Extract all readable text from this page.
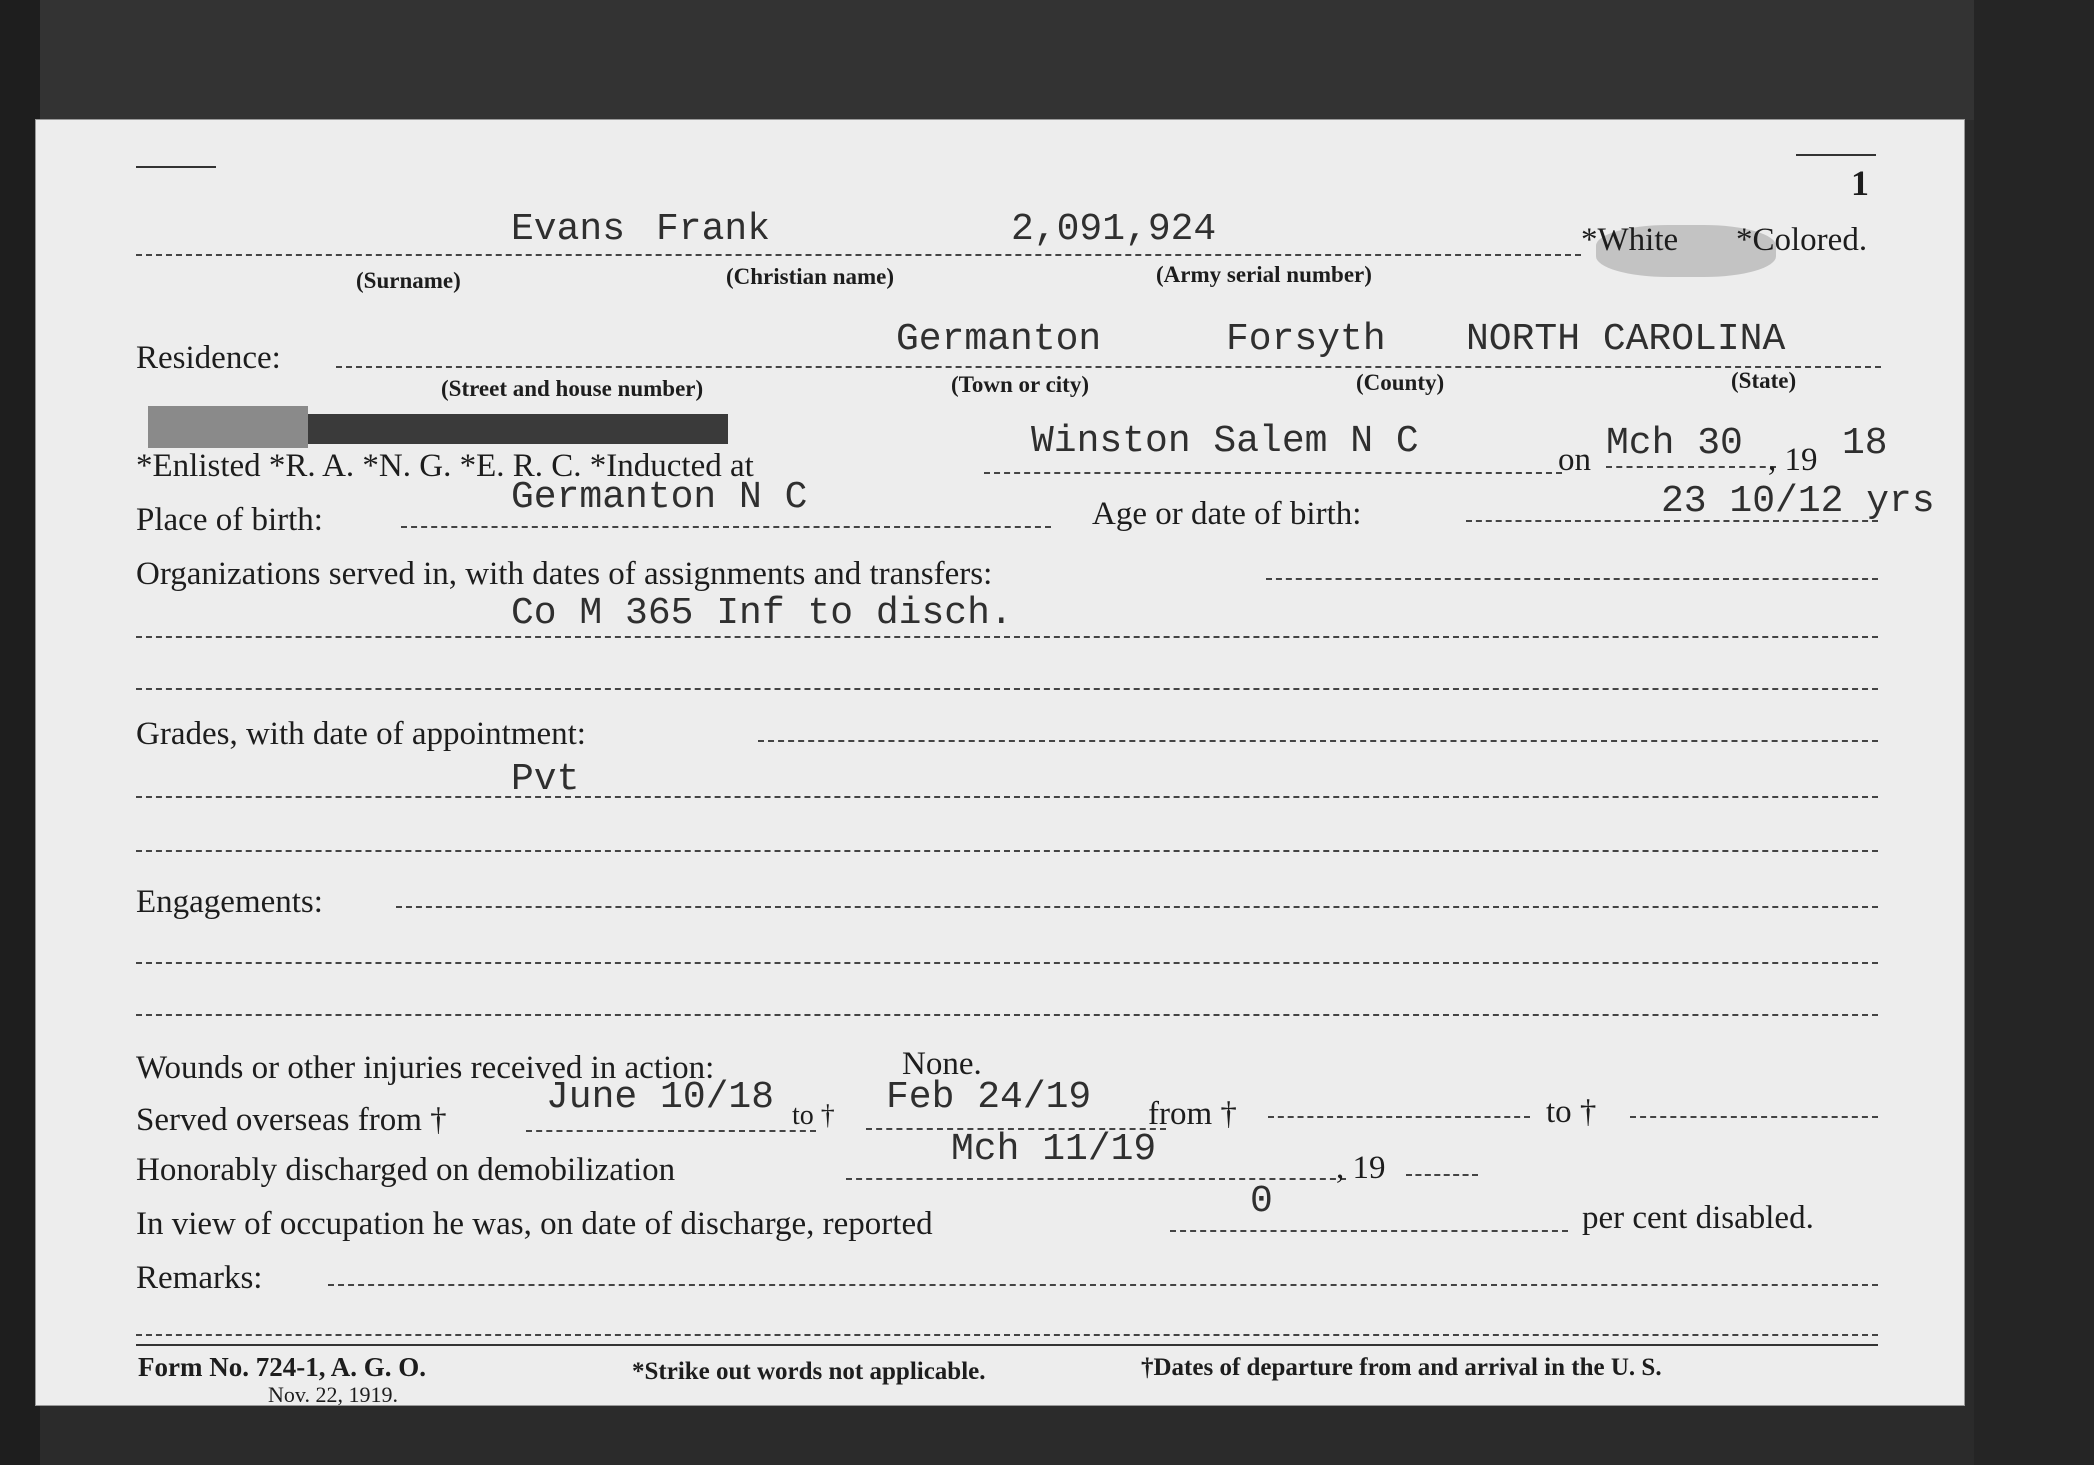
1
Evans Frank	2,091,924	*White *Colored.
(Surname)	(Christian name)	(Army serial number)
Residence:	Germanton	Forsyth NORTH CAROLINA
(Street and house number)	(Town or city)	(County)	(State)
*Enlisted *R. A. *N. G. *E. R. C. *Inducted at
Winston Salem N C	on Mch 30 , 19 18
Place of birth:
Germanton N C	Age or date of birth:	23 10/12 yrs
Organizations served in, with dates of assignments and transfers:
Co M 365 Inf to disch.
Grades, with date of appointment:
Pvt
Engagements:
Wounds or other injuries received in action:	None.
Served overseas from †
June 10/18 to † Feb 24/19 from †	to †
Honorably discharged on demobilization	Mch 11/19	, 19
In view of occupation he was, on date of discharge, reported
0	per cent disabled.
Remarks:
Form No. 724-1, A. G. O.
Nov. 22, 1919.
*Strike out words not applicable.	†Dates of departure from and arrival in the U. S.
